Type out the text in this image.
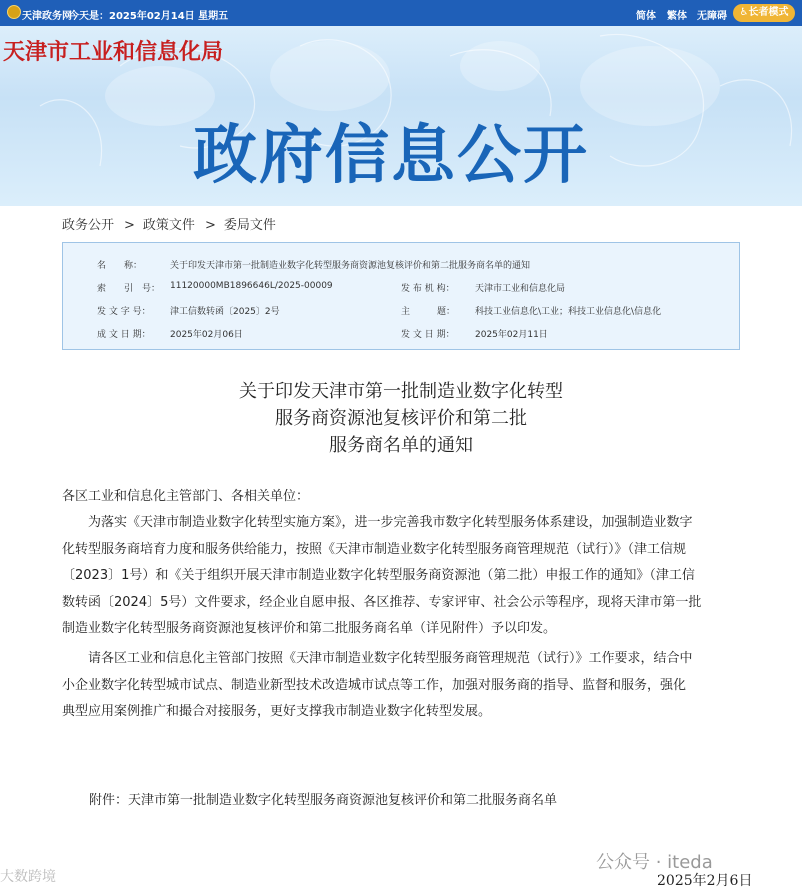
天津政务网
今天是：2025年02月14日 星期五	简体 繁体 无障碍	♿长者模式
天津市工业和信息化局
政府信息公开
政务公开 > 政策文件 > 委局文件
名　　称：	关于印发天津市第一批制造业数字化转型服务商资源池复核评价和第二批服务商名单的通知
索　　引　号： 11120000MB1896646L/2025-00009	发 布 机 构： 天津市工业和信息化局
发 文 字 号： 津工信数转函〔2025〕2号	主　　　题： 科技工业信息化\工业；科技工业信息化\信息化
成 文 日 期： 2025年02月06日	发 文 日 期： 2025年02月11日
关于印发天津市第一批制造业数字化转型
服务商资源池复核评价和第二批
服务商名单的通知
各区工业和信息化主管部门、各相关单位：
为落实《天津市制造业数字化转型实施方案》，进一步完善我市数字化转型服务体系建设，加强制造业数字
化转型服务商培育力度和服务供给能力，按照《天津市制造业数字化转型服务商管理规范（试行）》（津工信规
〔2023〕1号）和《关于组织开展天津市制造业数字化转型服务商资源池（第二批）申报工作的通知》（津工信
数转函〔2024〕5号）文件要求，经企业自愿申报、各区推荐、专家评审、社会公示等程序，现将天津市第一批
制造业数字化转型服务商资源池复核评价和第二批服务商名单（详见附件）予以印发。
请各区工业和信息化主管部门按照《天津市制造业数字化转型服务商管理规范（试行）》工作要求，结合中
小企业数字化转型城市试点、制造业新型技术改造城市试点等工作，加强对服务商的指导、监督和服务，强化
典型应用案例推广和撮合对接服务，更好支撑我市制造业数字化转型发展。
附件：天津市第一批制造业数字化转型服务商资源池复核评价和第二批服务商名单
大数跨境
公众号 · iteda
2025年2月6日
